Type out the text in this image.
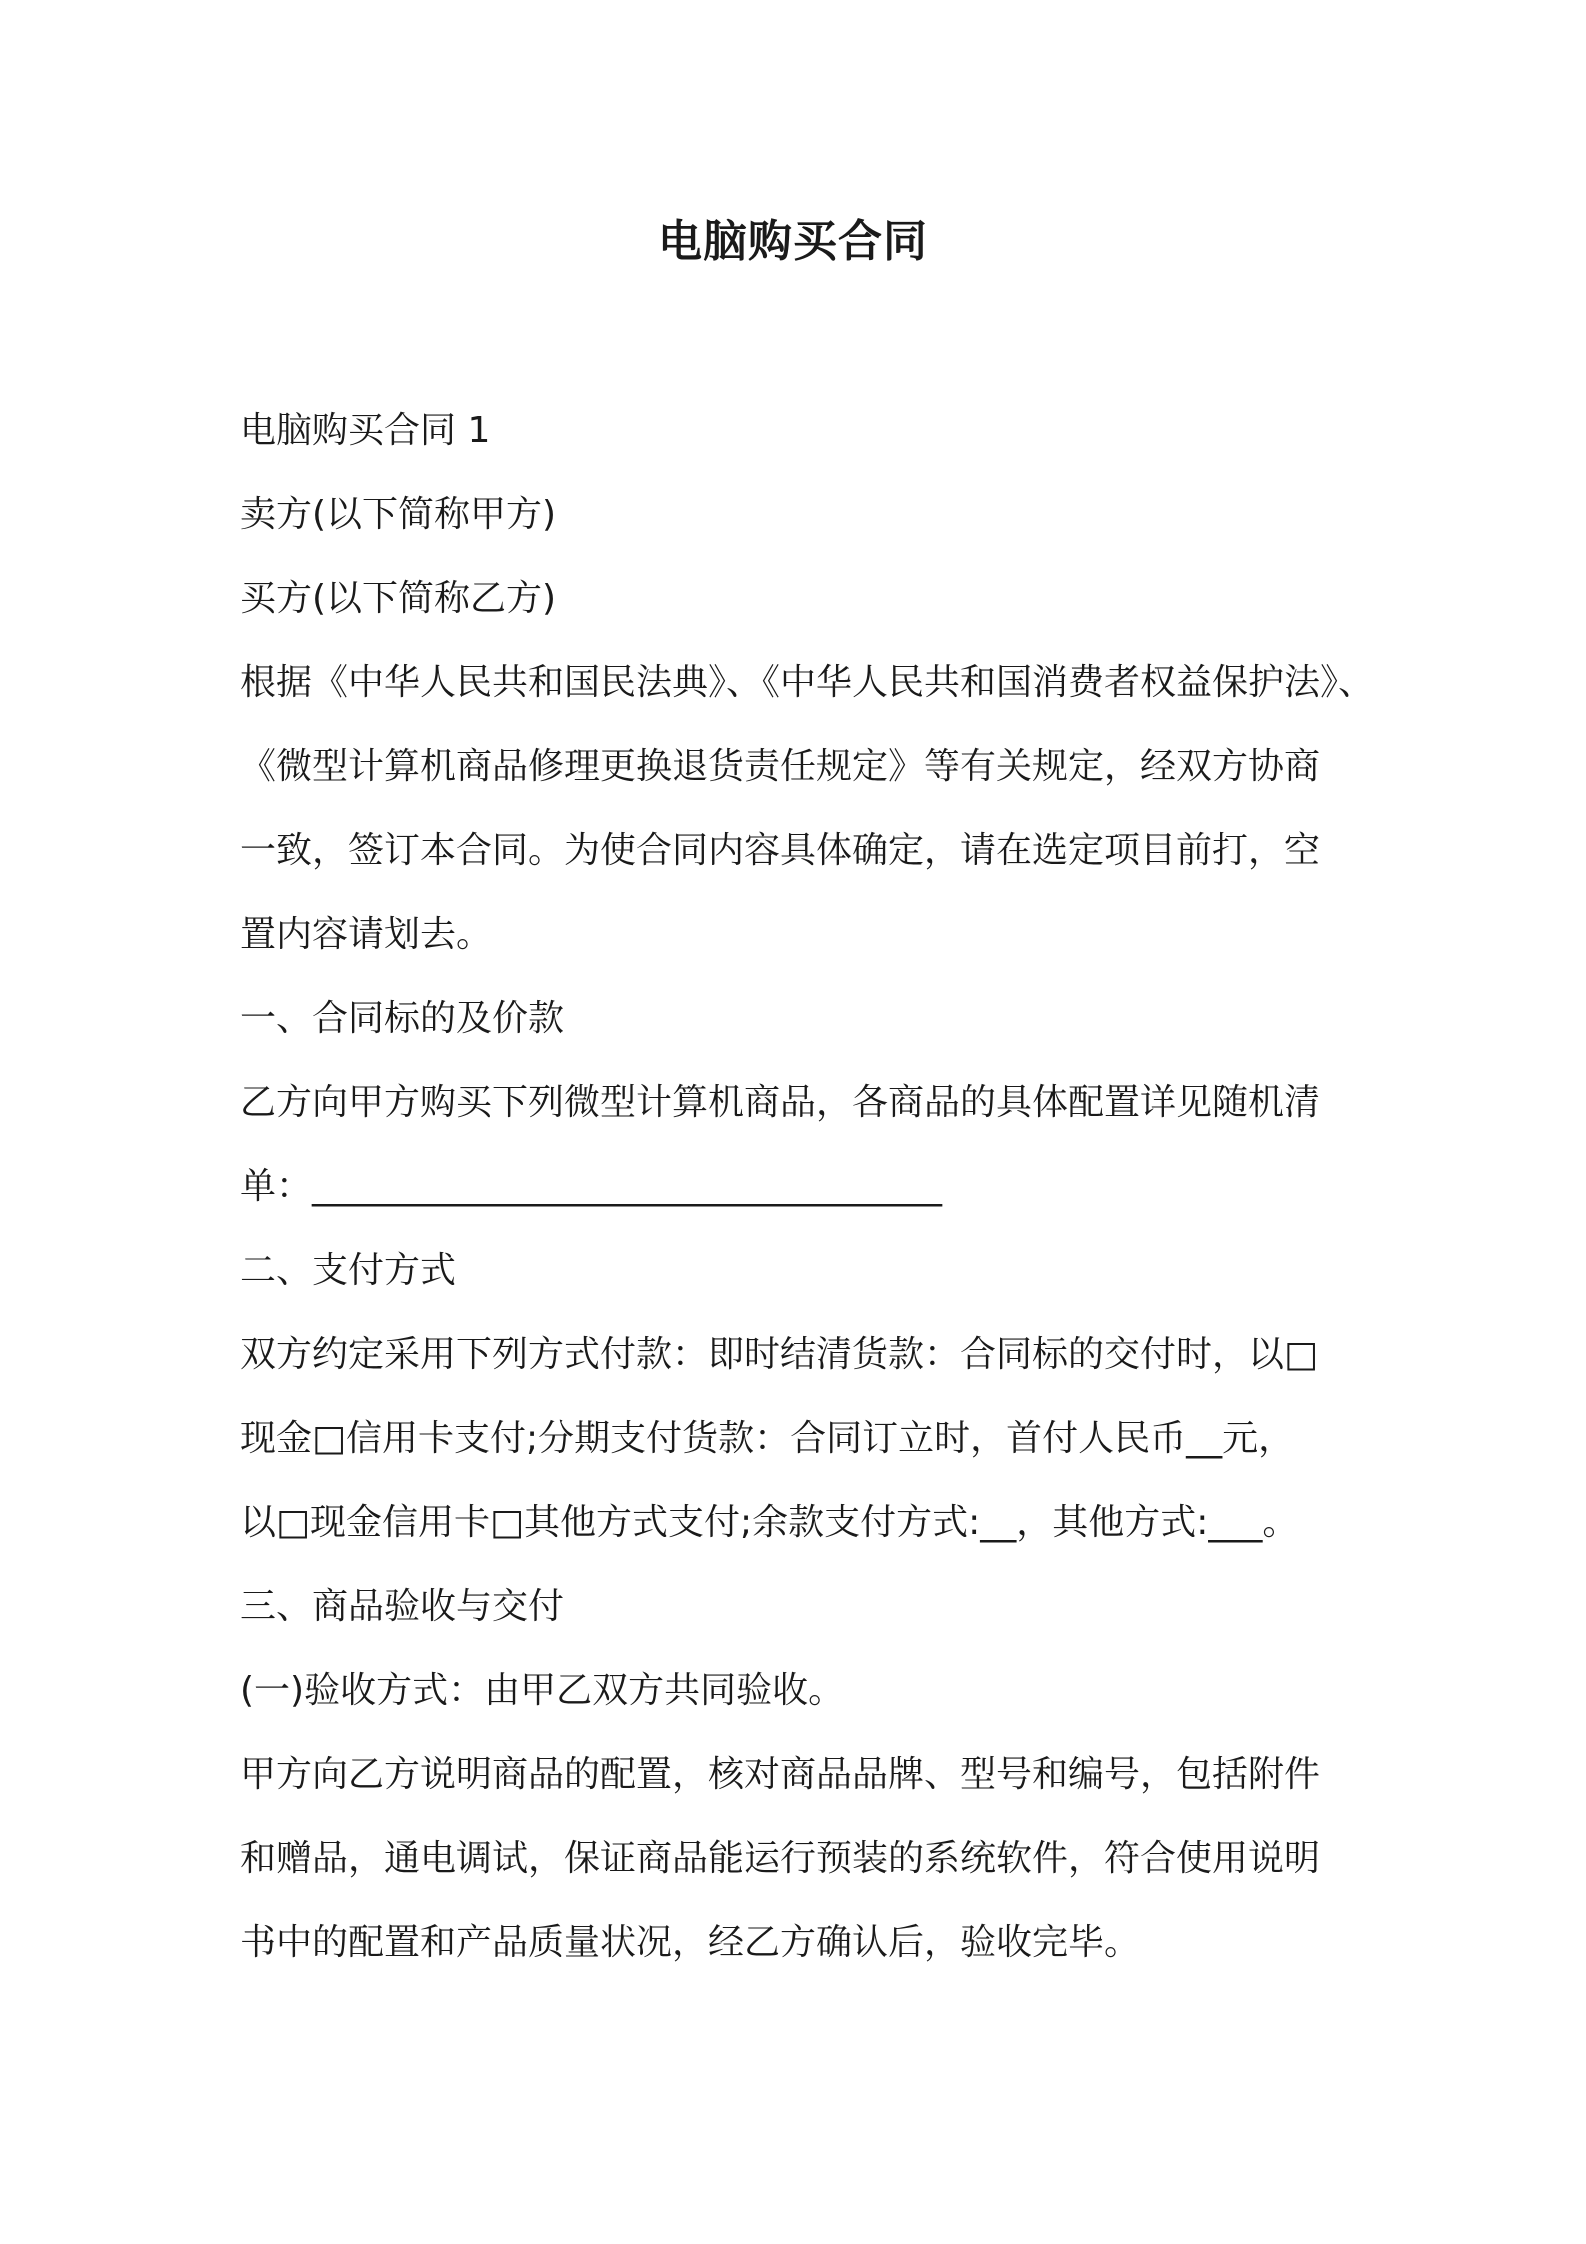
电脑购买合同
电脑购买合同 1
卖方(以下简称甲方)
买方(以下简称乙方)
根据《中华人民共和国民法典》、《中华人民共和国消费者权益保护法》、
《微型计算机商品修理更换退货责任规定》等有关规定，经双方协商
一致，签订本合同。为使合同内容具体确定，请在选定项目前打，空
置内容请划去。
一、合同标的及价款
乙方向甲方购买下列微型计算机商品，各商品的具体配置详见随机清
单：___________________________________
二、支付方式
双方约定采用下列方式付款：即时结清货款：合同标的交付时，以□
现金□信用卡支付;分期支付货款：合同订立时，首付人民币__元，
以□现金信用卡□其他方式支付;余款支付方式:__，其他方式:___。
三、商品验收与交付
(一)验收方式：由甲乙双方共同验收。
甲方向乙方说明商品的配置，核对商品品牌、型号和编号，包括附件
和赠品，通电调试，保证商品能运行预装的系统软件，符合使用说明
书中的配置和产品质量状况，经乙方确认后，验收完毕。
